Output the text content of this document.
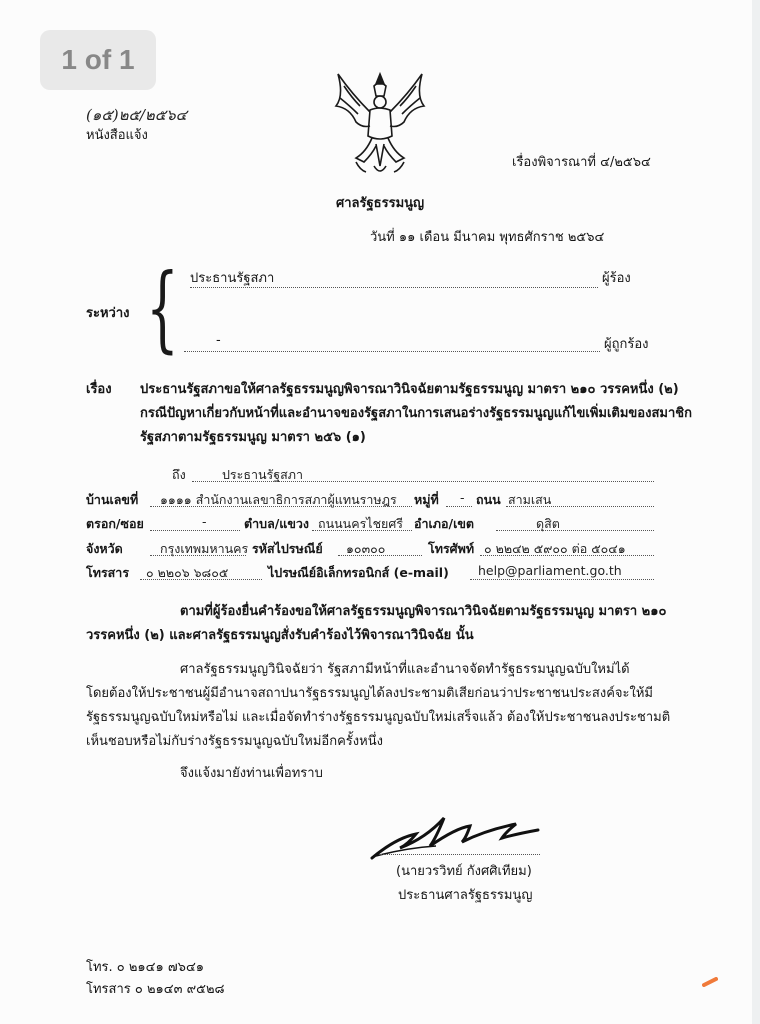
1 of 1
(๑๕)๒๕/๒๕๖๔
หนังสือแจ้ง
เรื่องพิจารณาที่ ๔/๒๕๖๔
ศาลรัฐธรรมนูญ
วันที่ ๑๑ เดือน มีนาคม พุทธศักราช ๒๕๖๔
ระหว่าง { ประธานรัฐสภา	ผู้ร้อง
-	ผู้ถูกร้อง
เรื่อง ประธานรัฐสภาขอให้ศาลรัฐธรรมนูญพิจารณาวินิจฉัยตามรัฐธรรมนูญ มาตรา ๒๑๐ วรรคหนึ่ง (๒)
กรณีปัญหาเกี่ยวกับหน้าที่และอำนาจของรัฐสภาในการเสนอร่างรัฐธรรมนูญแก้ไขเพิ่มเติมของสมาชิก
รัฐสภาตามรัฐธรรมนูญ มาตรา ๒๕๖ (๑)
ถึง	ประธานรัฐสภา
บ้านเลขที่ ๑๑๑๑ สำนักงานเลขาธิการสภาผู้แทนราษฎร หมู่ที่ - ถนน สามเสน
ตรอก/ซอย	-	ตำบล/แขวง ถนนนครไชยศรี อำเภอ/เขต	ดุสิต
จังหวัด	กรุงเทพมหานคร รหัสไปรษณีย์ ๑๐๓๐๐	โทรศัพท์ ๐ ๒๒๔๒ ๕๙๐๐ ต่อ ๕๐๔๑
โทรสาร ๐ ๒๒๐๖ ๖๘๐๕	ไปรษณีย์อิเล็กทรอนิกส์ (e-mail) help@parliament.go.th
ตามที่ผู้ร้องยื่นคำร้องขอให้ศาลรัฐธรรมนูญพิจารณาวินิจฉัยตามรัฐธรรมนูญ มาตรา ๒๑๐
วรรคหนึ่ง (๒) และศาลรัฐธรรมนูญสั่งรับคำร้องไว้พิจารณาวินิจฉัย นั้น
ศาลรัฐธรรมนูญวินิจฉัยว่า รัฐสภามีหน้าที่และอำนาจจัดทำรัฐธรรมนูญฉบับใหม่ได้
โดยต้องให้ประชาชนผู้มีอำนาจสถาปนารัฐธรรมนูญได้ลงประชามติเสียก่อนว่าประชาชนประสงค์จะให้มี
รัฐธรรมนูญฉบับใหม่หรือไม่ และเมื่อจัดทำร่างรัฐธรรมนูญฉบับใหม่เสร็จแล้ว ต้องให้ประชาชนลงประชามติ
เห็นชอบหรือไม่กับร่างรัฐธรรมนูญฉบับใหม่อีกครั้งหนึ่ง
จึงแจ้งมายังท่านเพื่อทราบ
(นายวรวิทย์ กังศศิเทียม)
ประธานศาลรัฐธรรมนูญ
โทร. ๐ ๒๑๔๑ ๗๖๔๑
โทรสาร ๐ ๒๑๔๓ ๙๕๒๘
